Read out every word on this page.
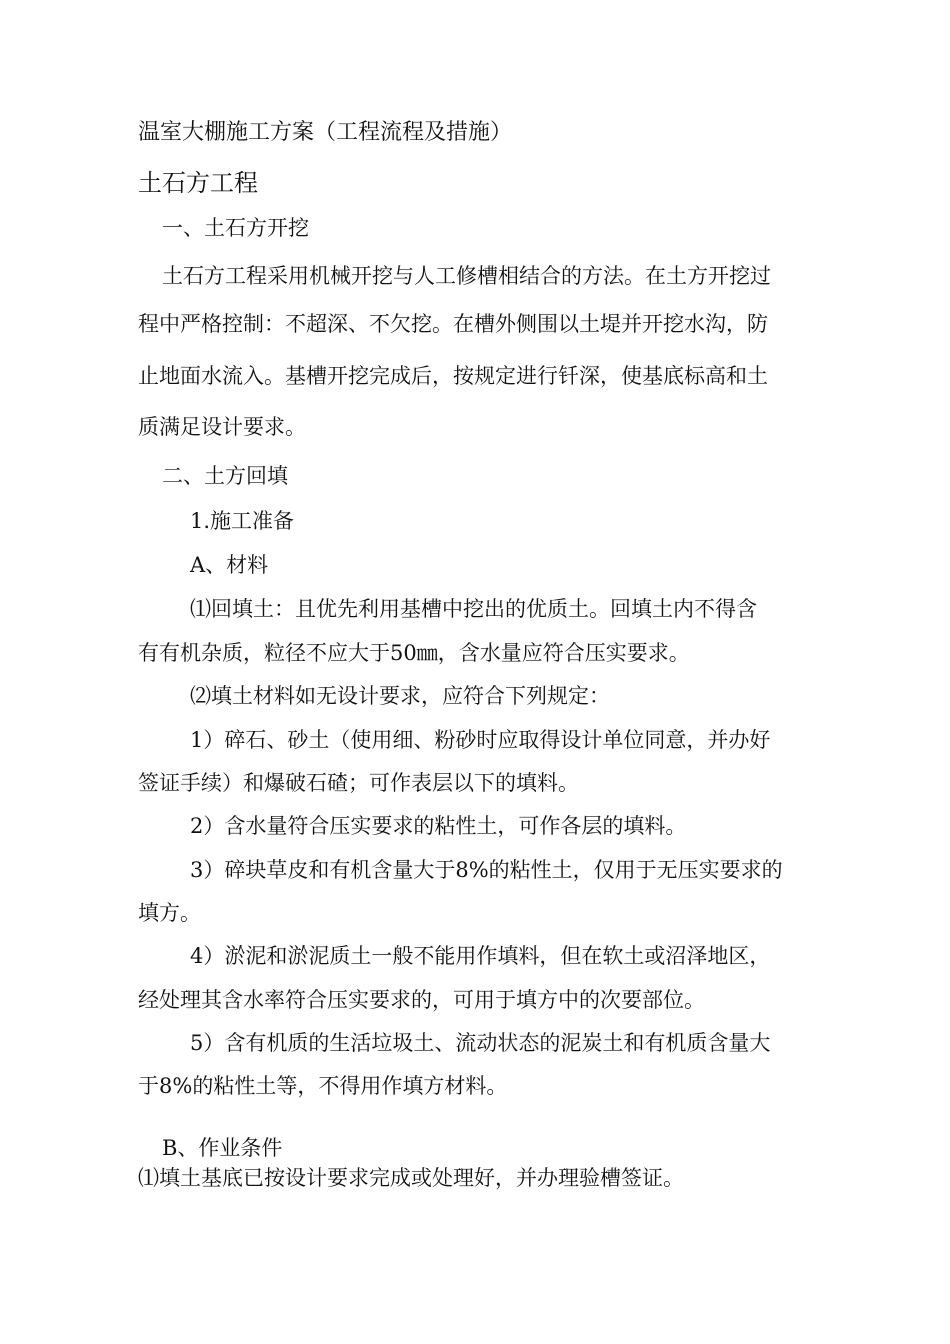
温室大棚施工方案（工程流程及措施）

土石方工程

一、土石方开挖

土石方工程采用机械开挖与人工修槽相结合的方法。在土方开挖过

程中严格控制：不超深、不欠挖。在槽外侧围以土堤并开挖水沟，防

止地面水流入。基槽开挖完成后，按规定进行钎深，使基底标高和土

质满足设计要求。

二、土方回填

1.施工准备

A、材料

⑴回填土：且优先利用基槽中挖出的优质土。回填土内不得含

有有机杂质，粒径不应大于50㎜，含水量应符合压实要求。

⑵填土材料如无设计要求，应符合下列规定：

1）碎石、砂土（使用细、粉砂时应取得设计单位同意，并办好

签证手续）和爆破石碴；可作表层以下的填料。

2）含水量符合压实要求的粘性土，可作各层的填料。

3）碎块草皮和有机含量大于8%的粘性土，仅用于无压实要求的

填方。

4）淤泥和淤泥质土一般不能用作填料，但在软土或沼泽地区，

经处理其含水率符合压实要求的，可用于填方中的次要部位。

5）含有机质的生活垃圾土、流动状态的泥炭土和有机质含量大

于8%的粘性土等，不得用作填方材料。

B、作业条件

⑴填土基底已按设计要求完成或处理好，并办理验槽签证。
